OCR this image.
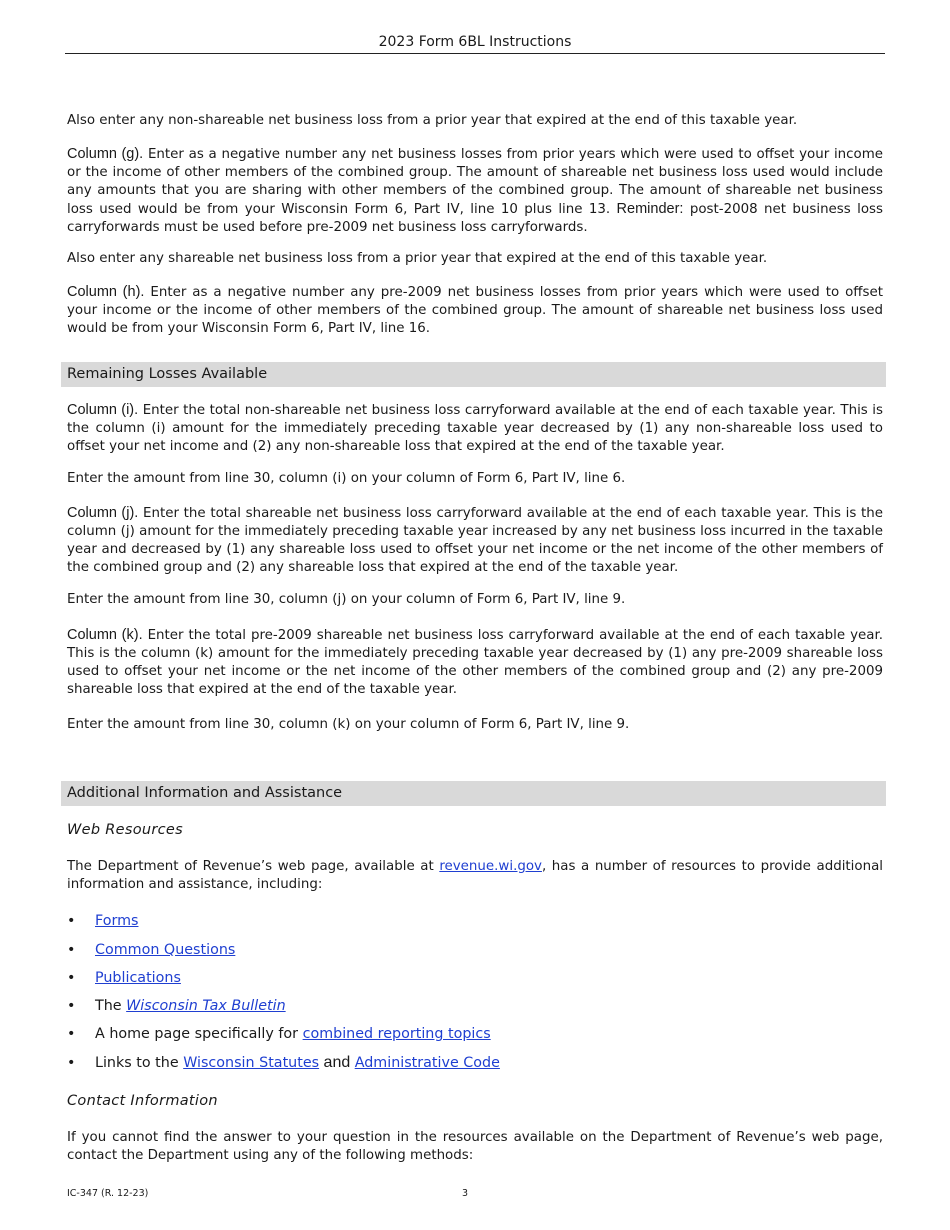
2023 Form 6BL Instructions

Also enter any non-shareable net business loss from a prior year that expired at the end of this taxable year.

Column (g). Enter as a negative number any net business losses from prior years which were used to offset your income or the income of other members of the combined group. The amount of shareable net business loss used would include any amounts that you are sharing with other members of the combined group. The amount of shareable net business loss used would be from your Wisconsin Form 6, Part IV, line 10 plus line 13. Reminder: post-2008 net business loss carryforwards must be used before pre-2009 net business loss carryforwards.

Also enter any shareable net business loss from a prior year that expired at the end of this taxable year.

Column (h). Enter as a negative number any pre-2009 net business losses from prior years which were used to offset your income or the income of other members of the combined group. The amount of shareable net business loss used would be from your Wisconsin Form 6, Part IV, line 16.

Remaining Losses Available

Column (i). Enter the total non-shareable net business loss carryforward available at the end of each taxable year. This is the column (i) amount for the immediately preceding taxable year decreased by (1) any non-shareable loss used to offset your net income and (2) any non-shareable loss that expired at the end of the taxable year.

Enter the amount from line 30, column (i) on your column of Form 6, Part IV, line 6.

Column (j). Enter the total shareable net business loss carryforward available at the end of each taxable year. This is the column (j) amount for the immediately preceding taxable year increased by any net business loss incurred in the taxable year and decreased by (1) any shareable loss used to offset your net income or the net income of the other members of the combined group and (2) any shareable loss that expired at the end of the taxable year.

Enter the amount from line 30, column (j) on your column of Form 6, Part IV, line 9.

Column (k). Enter the total pre-2009 shareable net business loss carryforward available at the end of each taxable year. This is the column (k) amount for the immediately preceding taxable year decreased by (1) any pre-2009 shareable loss used to offset your net income or the net income of the other members of the combined group and (2) any pre-2009 shareable loss that expired at the end of the taxable year.

Enter the amount from line 30, column (k) on your column of Form 6, Part IV, line 9.

Additional Information and Assistance
Web Resources

The Department of Revenue’s web page, available at revenue.wi.gov, has a number of resources to provide additional information and assistance, including:

• Forms
• Common Questions
• Publications
• The Wisconsin Tax Bulletin
• A home page specifically for combined reporting topics
• Links to the Wisconsin Statutes and Administrative Code
Contact Information

If you cannot find the answer to your question in the resources available on the Department of Revenue’s web page, contact the Department using any of the following methods:

IC-347 (R. 12-23)	3
